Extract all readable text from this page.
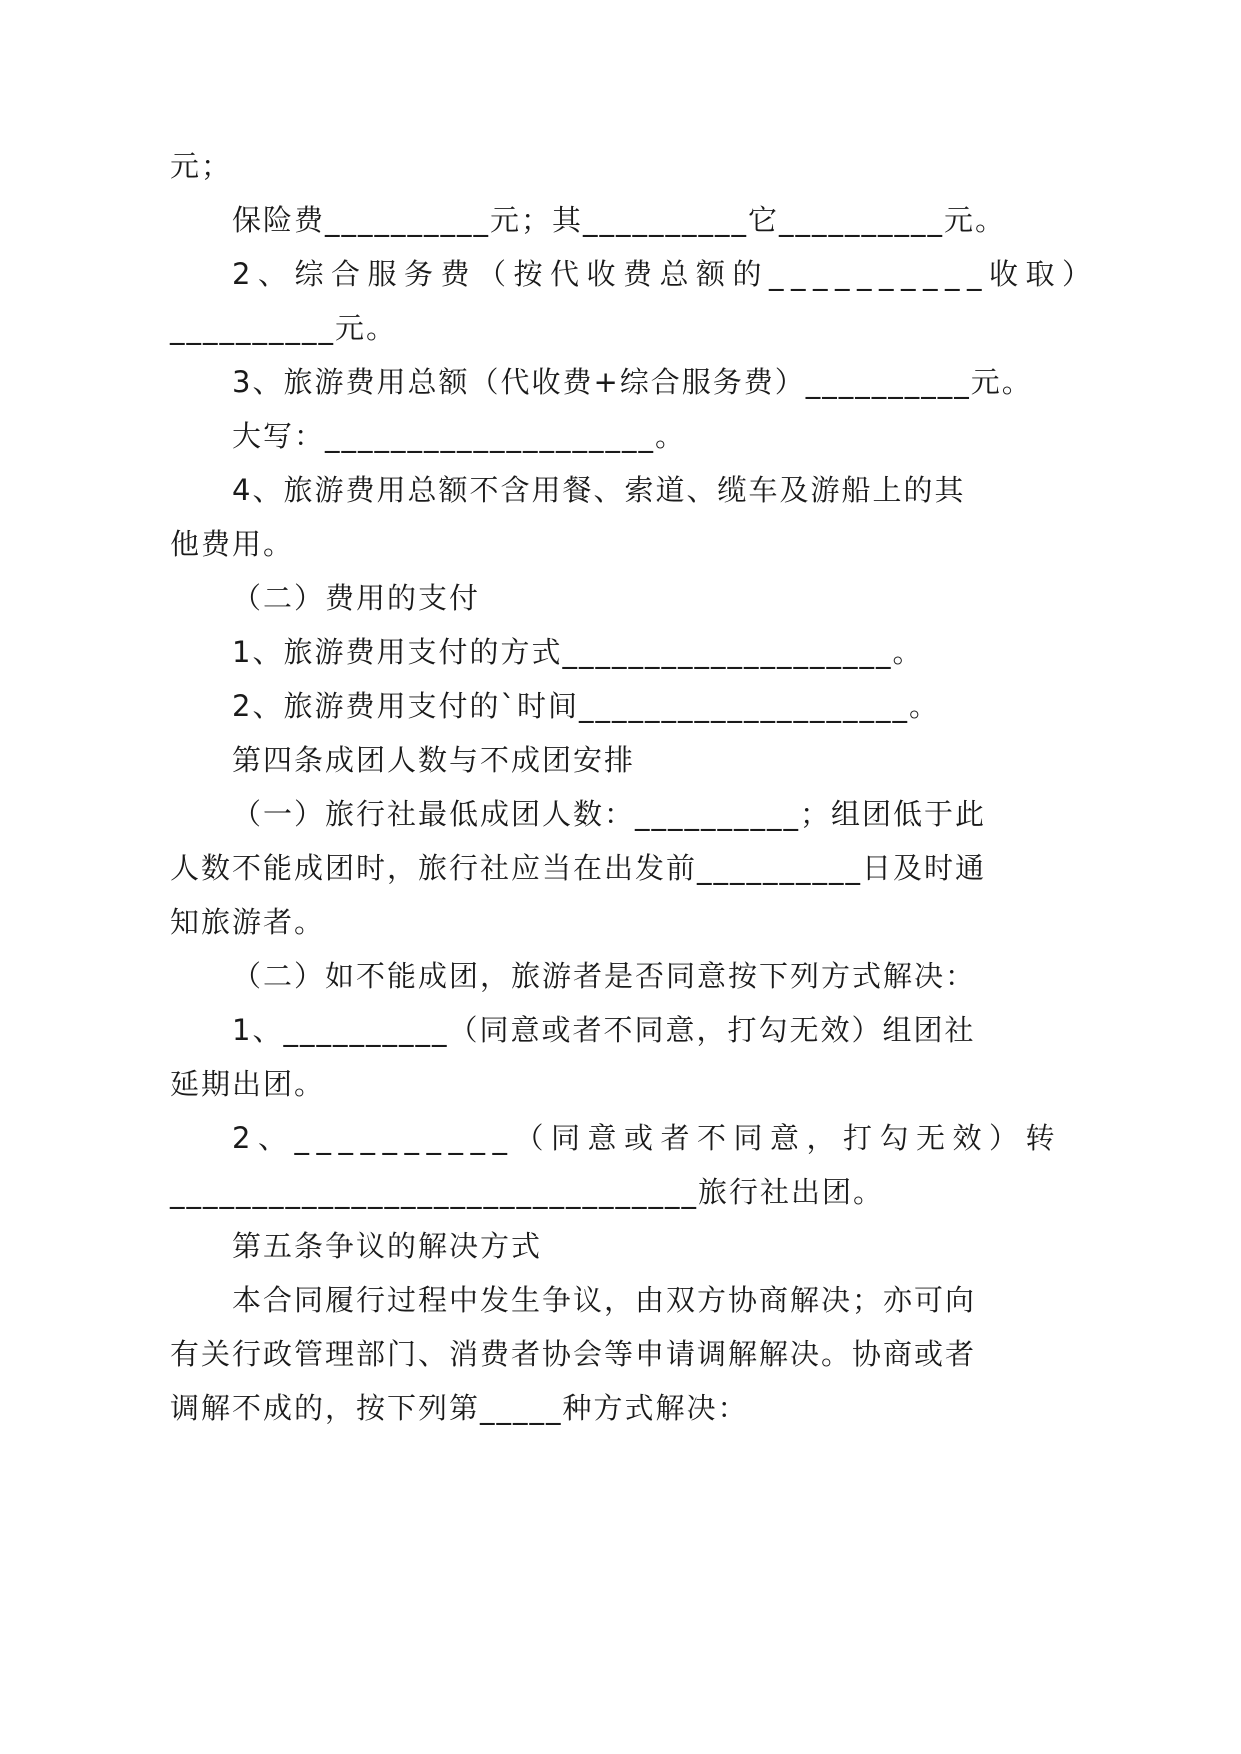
元；
保险费__________元；其__________它__________元。
2、综合服务费（按代收费总额的__________收取）
__________元。
3、旅游费用总额（代收费+综合服务费）__________元。
大写：____________________。
4、旅游费用总额不含用餐、索道、缆车及游船上的其
他费用。
（二）费用的支付
1、旅游费用支付的方式____________________。
2、旅游费用支付的`时间____________________。
第四条成团人数与不成团安排
（一）旅行社最低成团人数：__________；组团低于此
人数不能成团时，旅行社应当在出发前__________日及时通
知旅游者。
（二）如不能成团，旅游者是否同意按下列方式解决：
1、__________（同意或者不同意，打勾无效）组团社
延期出团。
2、__________（同意或者不同意，打勾无效）转
________________________________旅行社出团。
第五条争议的解决方式
本合同履行过程中发生争议，由双方协商解决；亦可向
有关行政管理部门、消费者协会等申请调解解决。协商或者
调解不成的，按下列第_____种方式解决：
